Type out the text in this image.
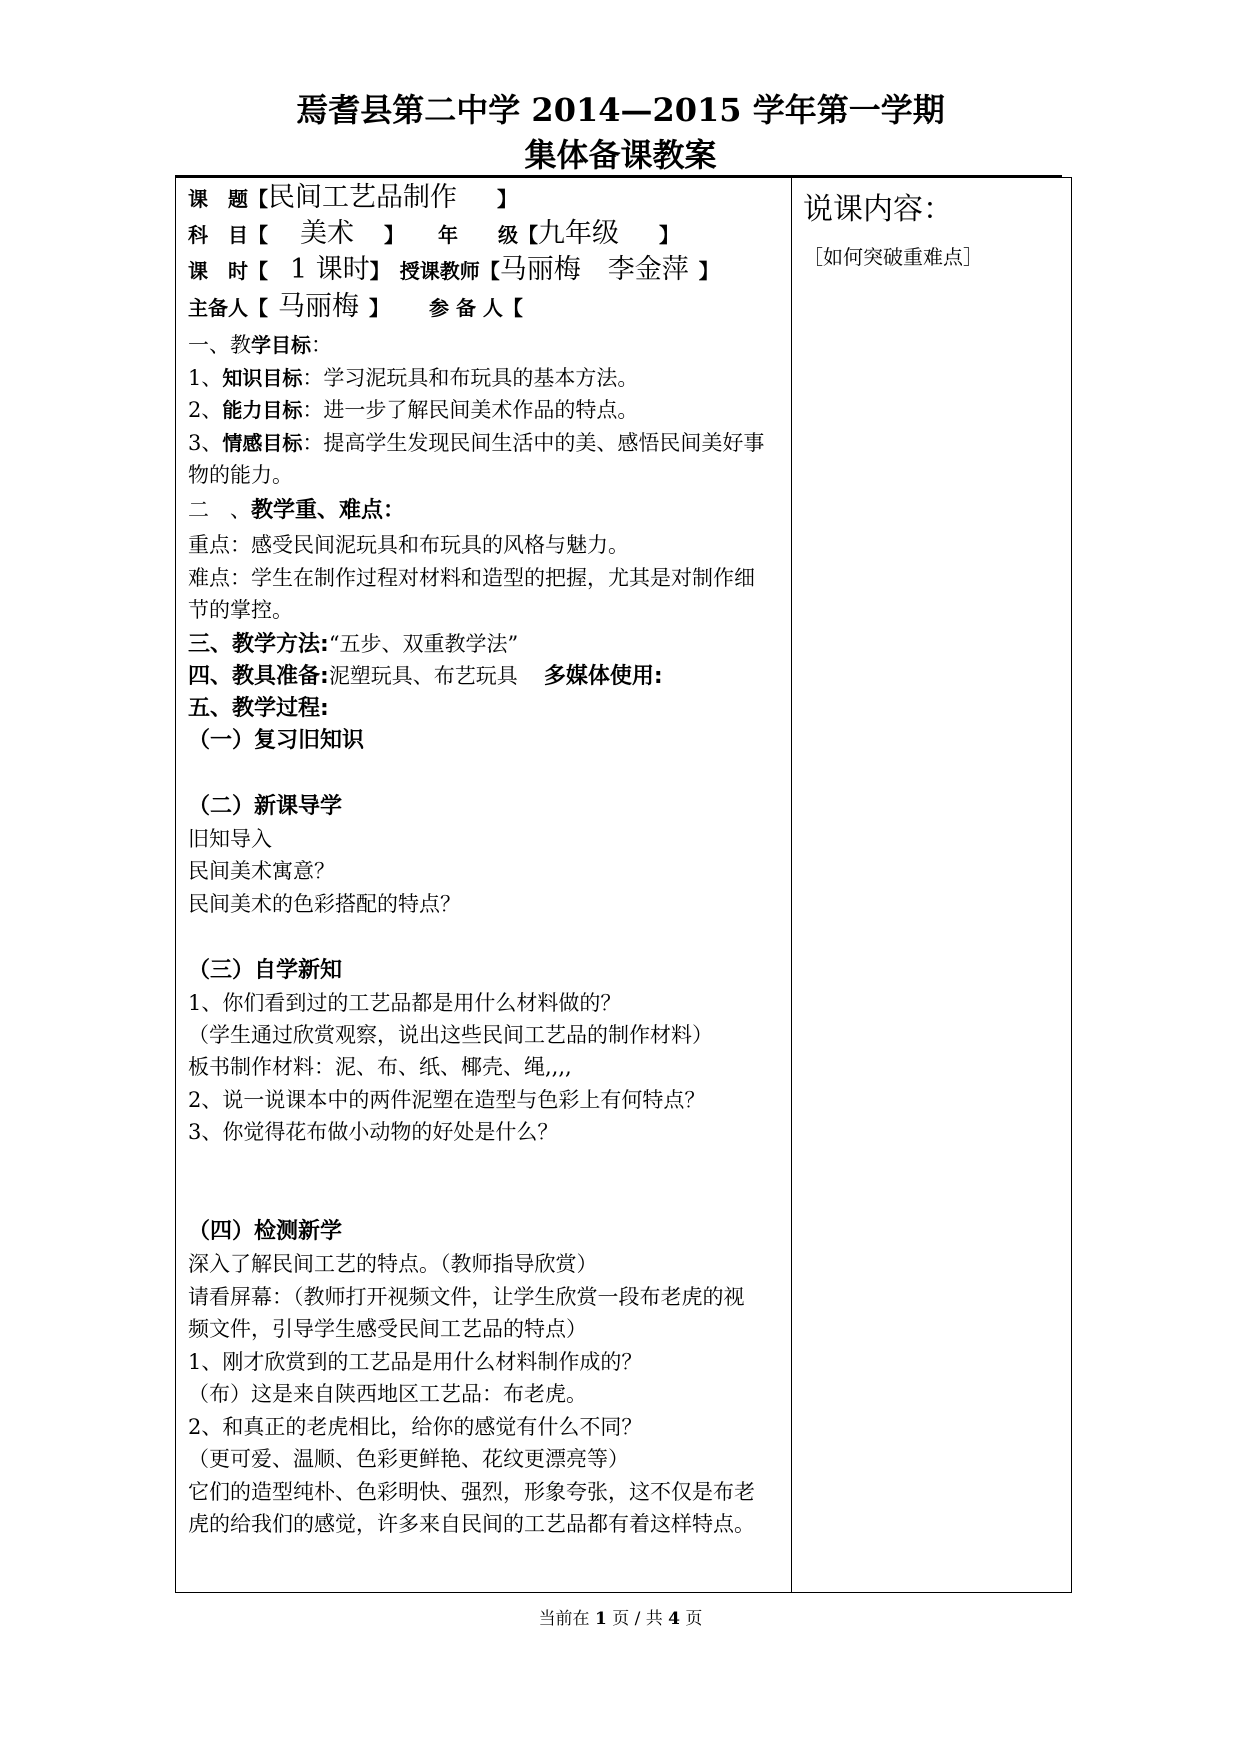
焉耆县第二中学 2014—2015 学年第一学期
集体备课教案
课　题【民间工艺品制作 】
科　目【 美术 】 年　　级【九年级 】
课　时【 1 课时】 授课教师【马丽梅　李金萍 】
主备人【 马丽梅 】 参 备 人【
一、教学目标：
1、知识目标：学习泥玩具和布玩具的基本方法。
2、能力目标：进一步了解民间美术作品的特点。
3、情感目标：提高学生发现民间生活中的美、感悟民间美好事
物的能力。
二　、教学重、难点：
重点：感受民间泥玩具和布玩具的风格与魅力。
难点：学生在制作过程对材料和造型的把握，尤其是对制作细
节的掌控。
三、教学方法:“五步、双重教学法”
四、教具准备:泥塑玩具、布艺玩具 多媒体使用:
五、教学过程:
（一）复习旧知识
（二）新课导学
旧知导入
民间美术寓意？
民间美术的色彩搭配的特点？
（三）自学新知
1、你们看到过的工艺品都是用什么材料做的？
（学生通过欣赏观察，说出这些民间工艺品的制作材料）
板书制作材料：泥、布、纸、椰壳、绳,,,,
2、说一说课本中的两件泥塑在造型与色彩上有何特点？
3、你觉得花布做小动物的好处是什么？
（四）检测新学
深入了解民间工艺的特点。（教师指导欣赏）
请看屏幕：（教师打开视频文件，让学生欣赏一段布老虎的视
频文件，引导学生感受民间工艺品的特点）
1、刚才欣赏到的工艺品是用什么材料制作成的？
（布）这是来自陕西地区工艺品：布老虎。
2、和真正的老虎相比，给你的感觉有什么不同？
（更可爱、温顺、色彩更鲜艳、花纹更漂亮等）
它们的造型纯朴、色彩明快、强烈，形象夸张，这不仅是布老
虎的给我们的感觉，许多来自民间的工艺品都有着这样特点。
说课内容：
［如何突破重难点］
当前在 1 页 / 共 4 页
